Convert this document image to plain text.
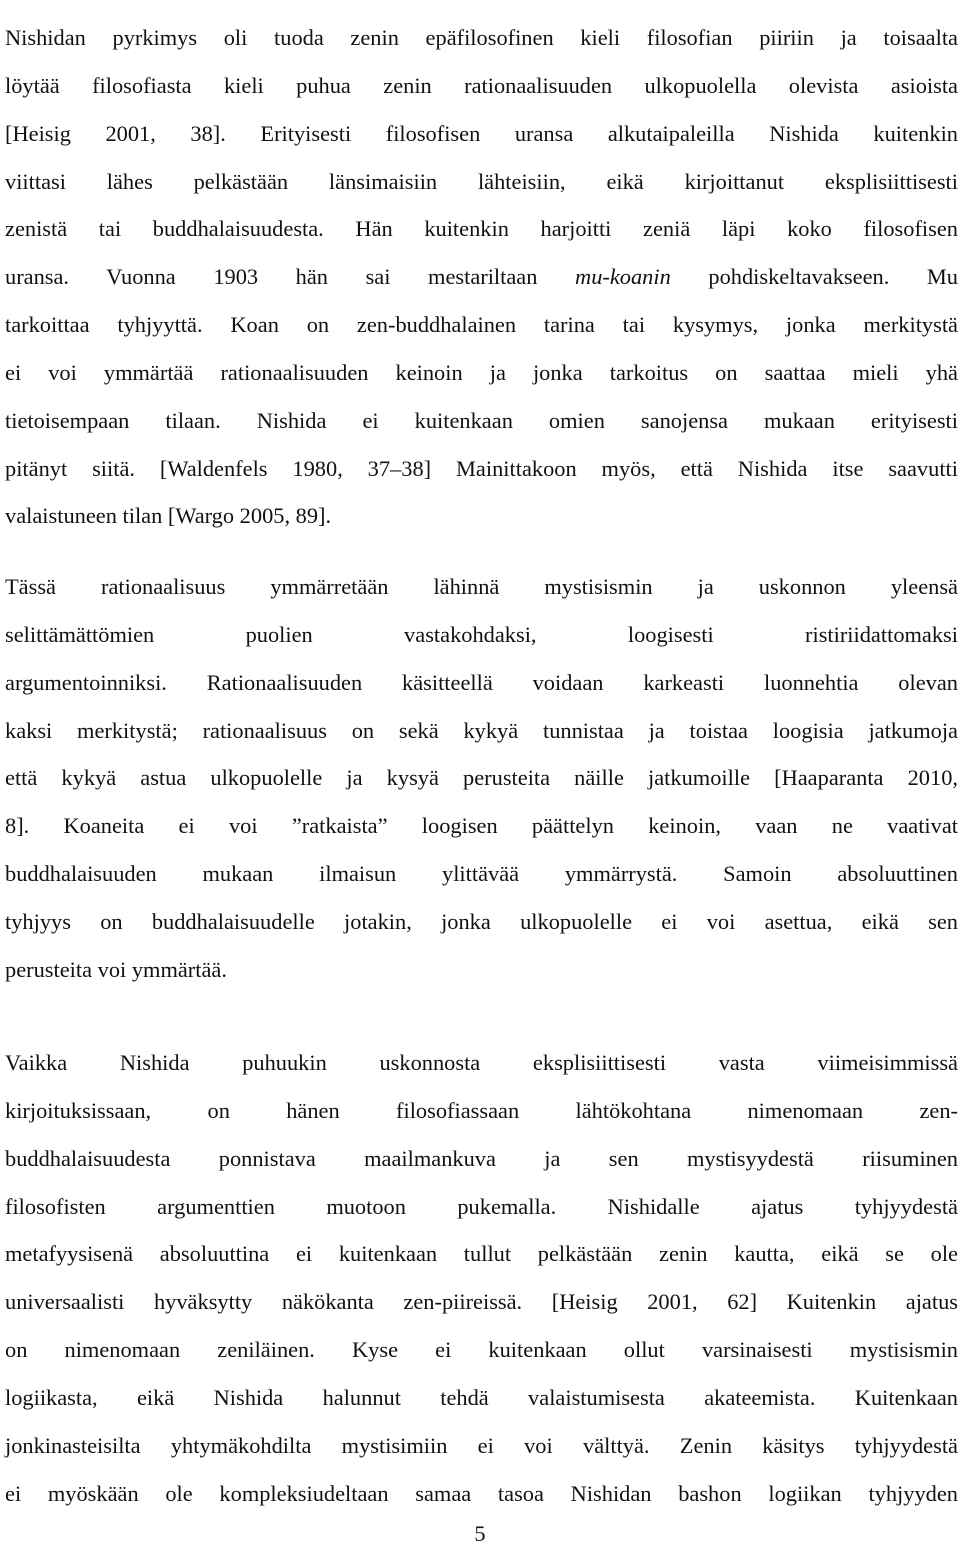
Nishidan pyrkimys oli tuoda zenin epäfilosofinen kieli filosofian piiriin ja toisaalta
löytää filosofiasta kieli puhua zenin rationaalisuuden ulkopuolella olevista asioista
[Heisig 2001, 38]. Erityisesti filosofisen uransa alkutaipaleilla Nishida kuitenkin
viittasi lähes pelkästään länsimaisiin lähteisiin, eikä kirjoittanut eksplisiittisesti
zenistä tai buddhalaisuudesta. Hän kuitenkin harjoitti zeniä läpi koko filosofisen
uransa. Vuonna 1903 hän sai mestariltaan mu-koanin pohdiskeltavakseen. Mu
tarkoittaa tyhjyyttä. Koan on zen-buddhalainen tarina tai kysymys, jonka merkitystä
ei voi ymmärtää rationaalisuuden keinoin ja jonka tarkoitus on saattaa mieli yhä
tietoisempaan tilaan. Nishida ei kuitenkaan omien sanojensa mukaan erityisesti
pitänyt siitä. [Waldenfels 1980, 37–38] Mainittakoon myös, että Nishida itse saavutti
valaistuneen tilan [Wargo 2005, 89].
Tässä rationaalisuus ymmärretään lähinnä mystisismin ja uskonnon yleensä
selittämättömien puolien vastakohdaksi, loogisesti ristiriidattomaksi
argumentoinniksi. Rationaalisuuden käsitteellä voidaan karkeasti luonnehtia olevan
kaksi merkitystä; rationaalisuus on sekä kykyä tunnistaa ja toistaa loogisia jatkumoja
että kykyä astua ulkopuolelle ja kysyä perusteita näille jatkumoille [Haaparanta 2010,
8]. Koaneita ei voi ”ratkaista” loogisen päättelyn keinoin, vaan ne vaativat
buddhalaisuuden mukaan ilmaisun ylittävää ymmärrystä. Samoin absoluuttinen
tyhjyys on buddhalaisuudelle jotakin, jonka ulkopuolelle ei voi asettua, eikä sen
perusteita voi ymmärtää.
Vaikka Nishida puhuukin uskonnosta eksplisiittisesti vasta viimeisimmissä
kirjoituksissaan, on hänen filosofiassaan lähtökohtana nimenomaan zen-
buddhalaisuudesta ponnistava maailmankuva ja sen mystisyydestä riisuminen
filosofisten argumenttien muotoon pukemalla. Nishidalle ajatus tyhjyydestä
metafyysisenä absoluuttina ei kuitenkaan tullut pelkästään zenin kautta, eikä se ole
universaalisti hyväksytty näkökanta zen-piireissä. [Heisig 2001, 62] Kuitenkin ajatus
on nimenomaan zeniläinen. Kyse ei kuitenkaan ollut varsinaisesti mystisismin
logiikasta, eikä Nishida halunnut tehdä valaistumisesta akateemista. Kuitenkaan
jonkinasteisilta yhtymäkohdilta mystisimiin ei voi välttyä. Zenin käsitys tyhjyydestä
ei myöskään ole kompleksiudeltaan samaa tasoa Nishidan bashon logiikan tyhjyyden
5
